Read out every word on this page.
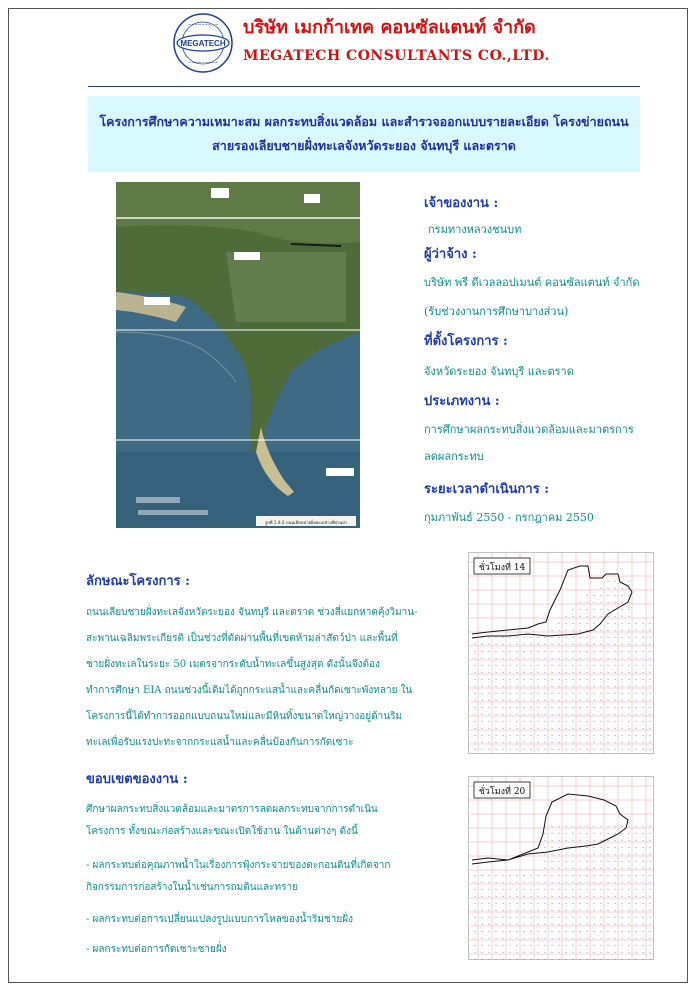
MEGATECH
~~~~~~~~~
~~~~~~~~~
บริษัท เมกก้าเทค คอนซัลแตนท์ จำกัด
MEGATECH CONSULTANTS CO.,LTD.
โครงการศึกษาความเหมาะสม ผลกระทบสิ่งแวดล้อม และสำรวจออกแบบรายละเอียด โครงข่ายถนน
สายรองเลียบชายฝั่งทะเลจังหวัดระยอง จันทบุรี และตราด
รูปที่ 1.4-2 ถนนเลียบชายฝั่งทะเลช่วงที่ผ่านป่า
เจ้าของงาน :
กรมทางหลวงชนบท
ผู้ว่าจ้าง :
บริษัท พรี ดีเวลลอปเมนต์ คอนซัลแตนท์ จำกัด
(รับช่วงงานการศึกษาบางส่วน)
ที่ตั้งโครงการ :
จังหวัดระยอง จันทบุรี และตราด
ประเภทงาน :
การศึกษาผลกระทบสิ่งแวดล้อมและมาตรการ
ลดผลกระทบ
ระยะเวลาดำเนินการ :
กุมภาพันธ์ 2550 - กรกฎาคม 2550
ลักษณะโครงการ :
ถนนเลียบชายฝั่งทะเลจังหวัดระยอง จันทบุรี และตราด ช่วงสี่แยกหาดคุ้งวิมาน-
สะพานเฉลิมพระเกียรติ เป็นช่วงที่ตัดผ่านพื้นที่เขตห้ามล่าสัตว์ป่า และพื้นที่
ชายฝั่งทะเลในระยะ 50 เมตรจากระดับน้ำทะเลขึ้นสูงสุด ดังนั้นจึงต้อง
ทำการศึกษา EIA ถนนช่วงนี้เดิมได้ถูกกระแสน้ำและคลื่นกัดเซาะพังทลาย ใน
โครงการนี้ได้ทำการออกแบบถนนใหม่และมีหินทิ้งขนาดใหญ่วางอยู่ด้านริม
ทะเลเพื่อรับแรงปะทะจากกระแสน้ำและคลื่นป้องกันการกัดเซาะ
ขอบเขตของงาน :
ศึกษาผลกระทบสิ่งแวดล้อมและมาตรการลดผลกระทบจากการดำเนิน
โครงการ ทั้งขณะก่อสร้างและขณะเปิดใช้งาน ในด้านต่างๆ ดังนี้
- ผลกระทบต่อคุณภาพน้ำในเรื่องการฟุ้งกระจายของตะกอนดินที่เกิดจาก
กิจกรรมการก่อสร้างในน้ำเช่นการถมดินและทราย
- ผลกระทบต่อการเปลี่ยนแปลงรูปแบบการไหลของน้ำริมชายฝั่ง
- ผลกระทบต่อการกัดเซาะชายฝั่ง
ชั่วโมงที่ 14
ชั่วโมงที่ 20
